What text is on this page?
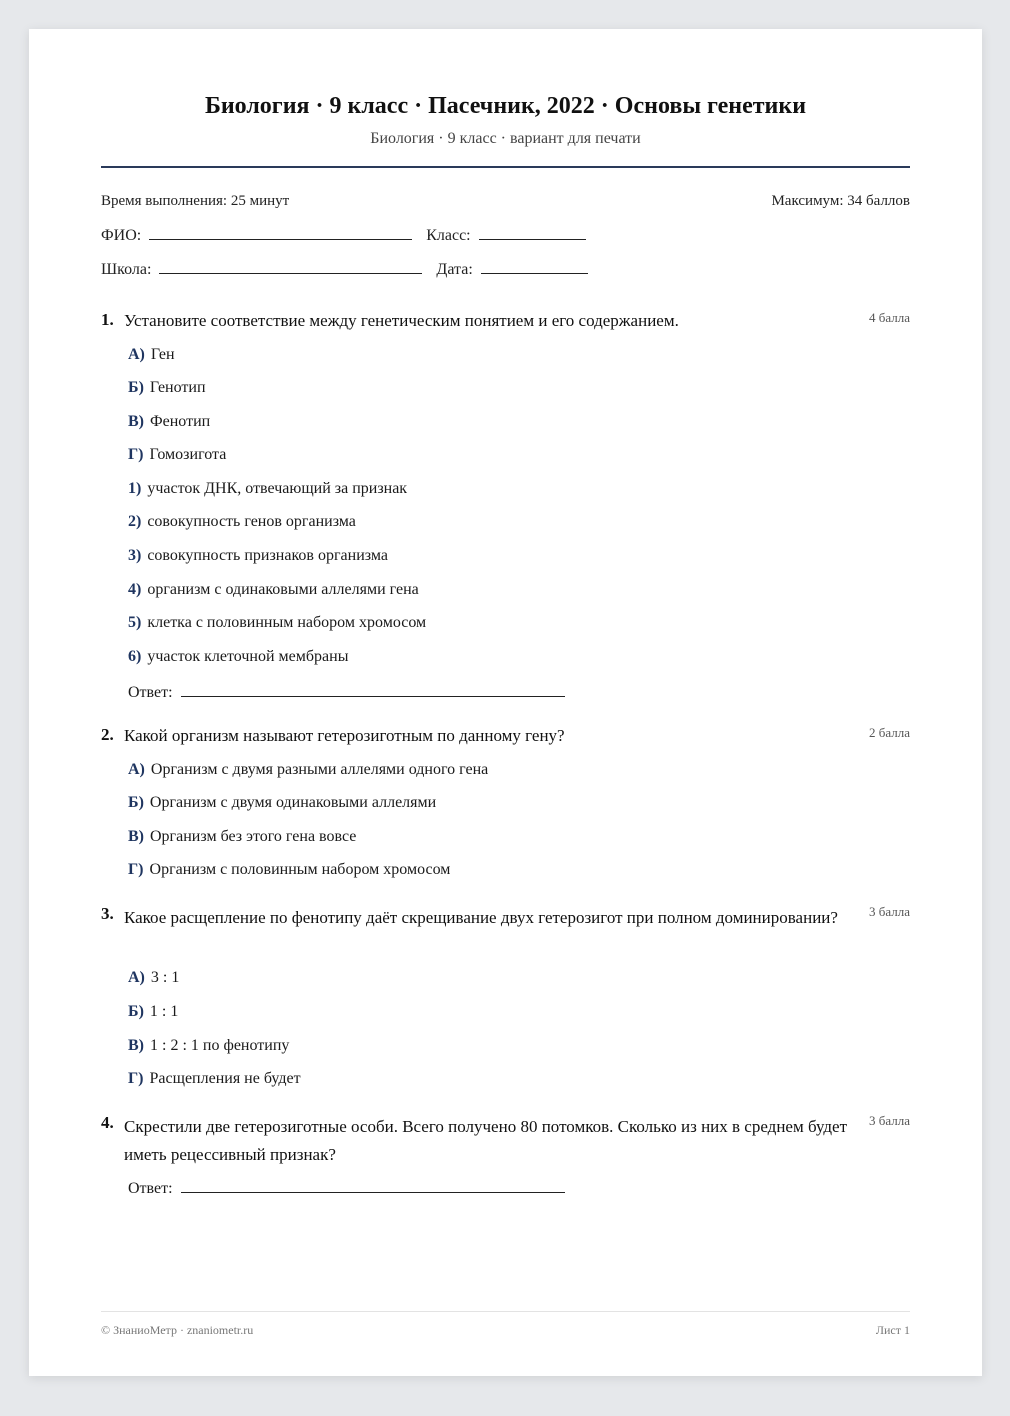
Биология · 9 класс · Пасечник, 2022 · Основы генетики
Биология · 9 класс · вариант для печати
Время выполнения: 25 минут	Максимум: 34 баллов
ФИО:	Класс:
Школа:	Дата:
1. Установите соответствие между генетическим понятием и его содержанием.	4 балла
А) Ген
Б) Генотип
В) Фенотип
Г) Гомозигота
1) участок ДНК, отвечающий за признак
2) совокупность генов организма
3) совокупность признаков организма
4) организм с одинаковыми аллелями гена
5) клетка с половинным набором хромосом
6) участок клеточной мембраны
Ответ:
2. Какой организм называют гетерозиготным по данному гену?	2 балла
А) Организм с двумя разными аллелями одного гена
Б) Организм с двумя одинаковыми аллелями
В) Организм без этого гена вовсе
Г) Организм с половинным набором хромосом
3. Какое расщепление по фенотипу даёт скрещивание двух гетерозигот при полном доминировании?	3 балла
А) 3 : 1
Б) 1 : 1
В) 1 : 2 : 1 по фенотипу
Г) Расщепления не будет
4. Скрестили две гетерозиготные особи. Всего получено 80 потомков. Сколько из них в среднем будет иметь рецессивный признак?
3 балла
Ответ:
© ЗнаниоМетр · znaniometr.ru	Лист 1
